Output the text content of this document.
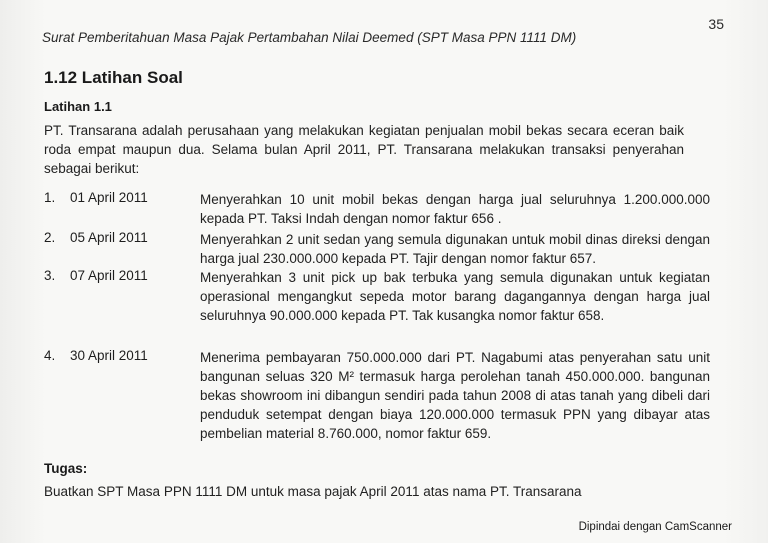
Surat Pemberitahuan Masa Pajak Pertambahan Nilai Deemed (SPT Masa PPN 1111 DM)
35
1.12 Latihan Soal
Latihan 1.1
PT. Transarana adalah perusahaan yang melakukan kegiatan penjualan mobil bekas secara eceran baik roda empat maupun dua. Selama bulan April 2011, PT. Transarana melakukan transaksi penyerahan sebagai berikut:
1. 01 April 2011	Menyerahkan 10 unit mobil bekas dengan harga jual seluruhnya 1.200.000.000 kepada PT. Taksi Indah dengan nomor faktur 656 .
2. 05 April 2011	Menyerahkan 2 unit sedan yang semula digunakan untuk mobil dinas direksi dengan harga jual 230.000.000 kepada PT. Tajir dengan nomor faktur 657.
3. 07 April 2011	Menyerahkan 3 unit pick up bak terbuka yang semula digunakan untuk kegiatan operasional mengangkut sepeda motor barang dagangannya dengan harga jual seluruhnya 90.000.000 kepada PT. Tak kusangka nomor faktur 658.
4. 30 April 2011	Menerima pembayaran 750.000.000 dari PT. Nagabumi atas penyerahan satu unit bangunan seluas 320 M² termasuk harga perolehan tanah 450.000.000. bangunan bekas showroom ini dibangun sendiri pada tahun 2008 di atas tanah yang dibeli dari penduduk setempat dengan biaya 120.000.000 termasuk PPN yang dibayar atas pembelian material 8.760.000, nomor faktur 659.
Tugas:
Buatkan SPT Masa PPN 1111 DM untuk masa pajak April 2011 atas nama PT. Transarana
Dipindai dengan CamScanner
